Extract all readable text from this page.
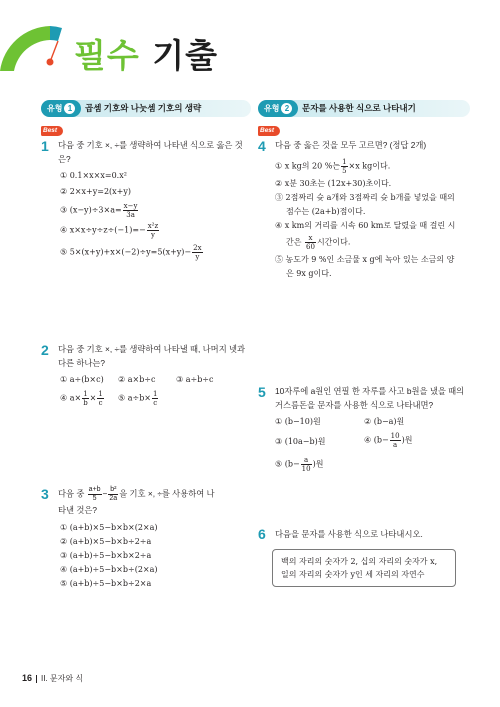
필수 기출
유형 1	곱셈 기호와 나눗셈 기호의 생략
Best
1 다음 중 기호 ×, ÷를 생략하여 나타낸 식으로 옳은 것은?
① 0.1×x×x=0.x²
② 2×x+y=2(x+y)
③ $(x-y)\div 3\times a= \frac{x-y}{3a}$
④ $x\times x\div y\div z\div(-1)=- \frac{\text{x²z}}{y}$
⑤ $5\times(x+y)+x\times(-2)\div y=5(x+y)- \frac{2x}{y}$
2 다음 중 기호 ×, ÷를 생략하여 나타낼 때, 나머지 넷과 다른 하나는?
① a÷(b×c) ② a×b÷c	③ a÷b÷c
④ $a\times \frac{1}{b} \times \frac{1}{c}$ ⑤ $a\div b\times \frac{1}{c}$
3 다음 중 $\frac{a+b}{5} - \frac{\text{b²}}{2a}$ 을 기호 ×, ÷를 사용하여 나
타낸 것은?
① (a+b)×5−b×b×(2×a)
② (a+b)×5−b×b÷2÷a
③ (a+b)÷5−b×b×2÷a
④ (a+b)÷5−b×b÷(2×a)
⑤ (a+b)÷5−b×b÷2×a
유형 2	문자를 사용한 식으로 나타내기
Best
4 다음 중 옳은 것을 모두 고르면? (정답 2개)
① x kg의 20 %는 $\frac{1}{5} \times x$ kg이다.
② x분 30초는 (12x+30)초이다.
③ 2점짜리 슛 a개와 3점짜리 슛 b개를 넣었을 때의
점수는 (2a+b)점이다.
④ x km의 거리를 시속 60 km로 달렸을 때 걸린 시
간은 $\frac{x}{60}$ 시간이다.
⑤ 농도가 9 %인 소금물 x g에 녹아 있는 소금의 양
은 9x g이다.
5 10자루에 a원인 연필 한 자루를 사고 b원을 냈을 때의 거스름돈을 문자를 사용한 식으로 나타내면?
① (b−10)원	② (b−a)원
③ (10a−b)원	④ ($b- \frac{10}{a}$ )원
⑤ ($b- \frac{a}{10}$ )원
6 다음을 문자를 사용한 식으로 나타내시오.
백의 자리의 숫자가 2, 십의 자리의 숫자가 x,
일의 자리의 숫자가 y인 세 자리의 자연수
16 II. 문자와 식
